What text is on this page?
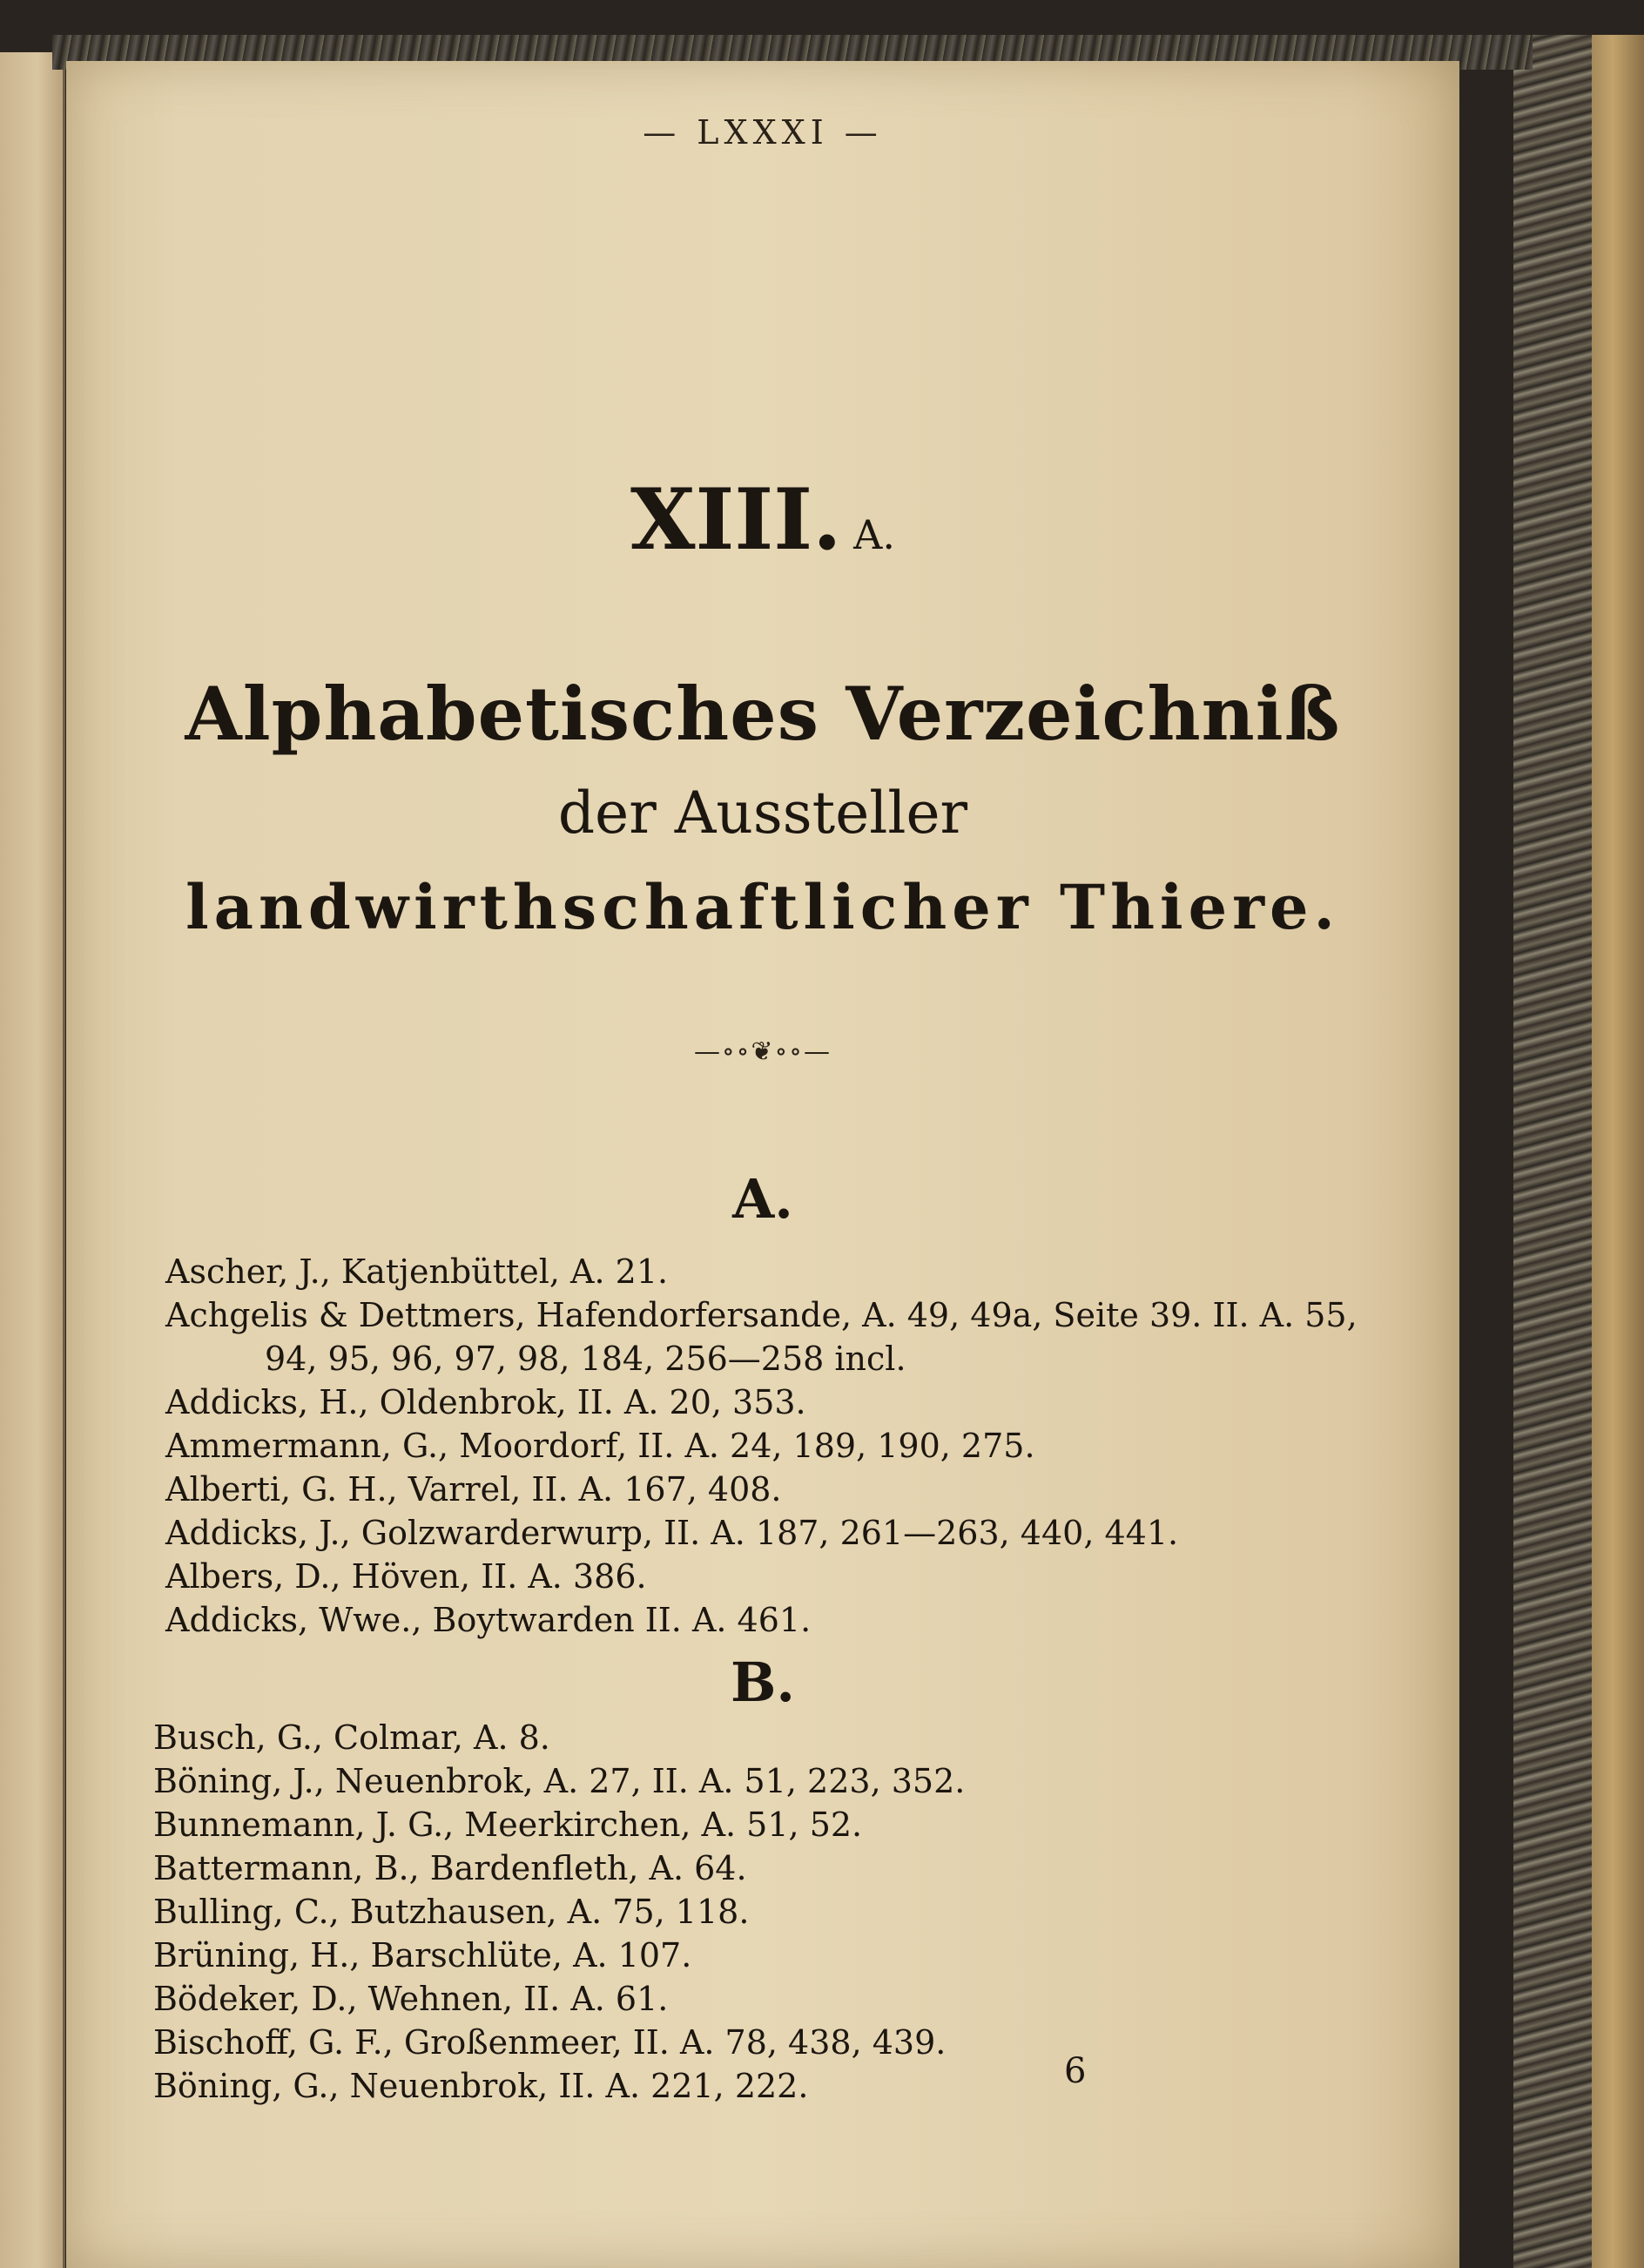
— LXXXI —
XIII. A.
Alphabetisches Verzeichniß
der Aussteller
landwirthschaftlicher Thiere.
—∘∘❦∘∘—
A.
Ascher, J., Katjenbüttel, A. 21.
Achgelis & Dettmers, Hafendorfersande, A. 49, 49a, Seite 39. II. A. 55,
94, 95, 96, 97, 98, 184, 256—258 incl.
Addicks, H., Oldenbrok, II. A. 20, 353.
Ammermann, G., Moordorf, II. A. 24, 189, 190, 275.
Alberti, G. H., Varrel, II. A. 167, 408.
Addicks, J., Golzwarderwurp, II. A. 187, 261—263, 440, 441.
Albers, D., Höven, II. A. 386.
Addicks, Wwe., Boytwarden II. A. 461.
B.
Busch, G., Colmar, A. 8.
Böning, J., Neuenbrok, A. 27, II. A. 51, 223, 352.
Bunnemann, J. G., Meerkirchen, A. 51, 52.
Battermann, B., Bardenfleth, A. 64.
Bulling, C., Butzhausen, A. 75, 118.
Brüning, H., Barschlüte, A. 107.
Bödeker, D., Wehnen, II. A. 61.
Bischoff, G. F., Großenmeer, II. A. 78, 438, 439.
Böning, G., Neuenbrok, II. A. 221, 222.	6
